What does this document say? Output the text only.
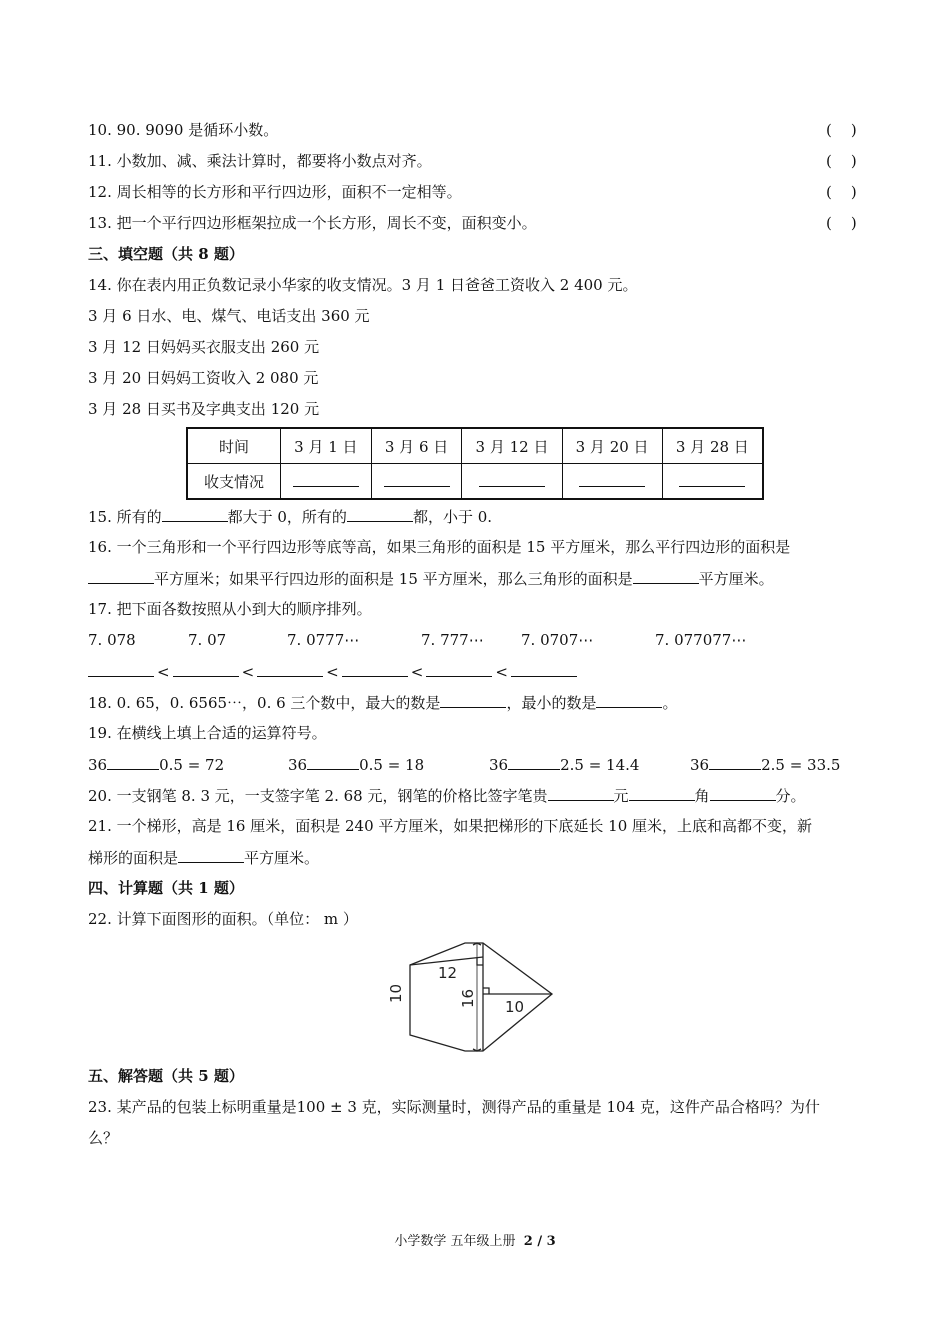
10. 90. 9090 是循环小数。	(    )
11. 小数加、减、乘法计算时，都要将小数点对齐。	(    )
12. 周长相等的长方形和平行四边形，面积不一定相等。	(    )
13. 把一个平行四边形框架拉成一个长方形，周长不变，面积变小。	(    )
三、填空题（共 8 题）
14. 你在表内用正负数记录小华家的收支情况。3 月 1 日爸爸工资收入 2 400 元。
3 月 6 日水、电、煤气、电话支出 360 元
3 月 12 日妈妈买衣服支出 260 元
3 月 20 日妈妈工资收入 2 080 元
3 月 28 日买书及字典支出 120 元
时间	3 月 1 日	3 月 6 日	3 月 12 日	3 月 20 日	3 月 28 日
收支情况					
15. 所有的	都大于 0，所有的	都，小于 0.
16. 一个三角形和一个平行四边形等底等高，如果三角形的面积是 15 平方厘米，那么平行四边形的面积是
平方厘米；如果平行四边形的面积是 15 平方厘米，那么三角形的面积是	平方厘米。
17. 把下面各数按照从小到大的顺序排列。
7. 078	7. 07	7. 0777⋯	7. 777⋯ 7. 0707⋯	7. 077077⋯
<	<	<	<	<
18. 0. 65，0. 6565⋯，0. 6 三个数中，最大的数是	，最小的数是	。
19. 在横线上填上合适的运算符号。
36	0.5 = 72	36	0.5 = 18	36	2.5 = 14.4	36	2.5 = 33.5
20. 一支钢笔 8. 3 元，一支签字笔 2. 68 元，钢笔的价格比签字笔贵	元	角	分。
21. 一个梯形，高是 16 厘米，面积是 240 平方厘米，如果把梯形的下底延长 10 厘米，上底和高都不变，新
梯形的面积是	平方厘米。
四、计算题（共 1 题）
22. 计算下面图形的面积。（单位： m ）
12
10	16 10
五、解答题（共 5 题）
23. 某产品的包装上标明重量是100 ± 3 克，实际测量时，测得产品的重量是 104 克，这件产品合格吗？为什
么？
小学数学 五年级上册 2 / 3
